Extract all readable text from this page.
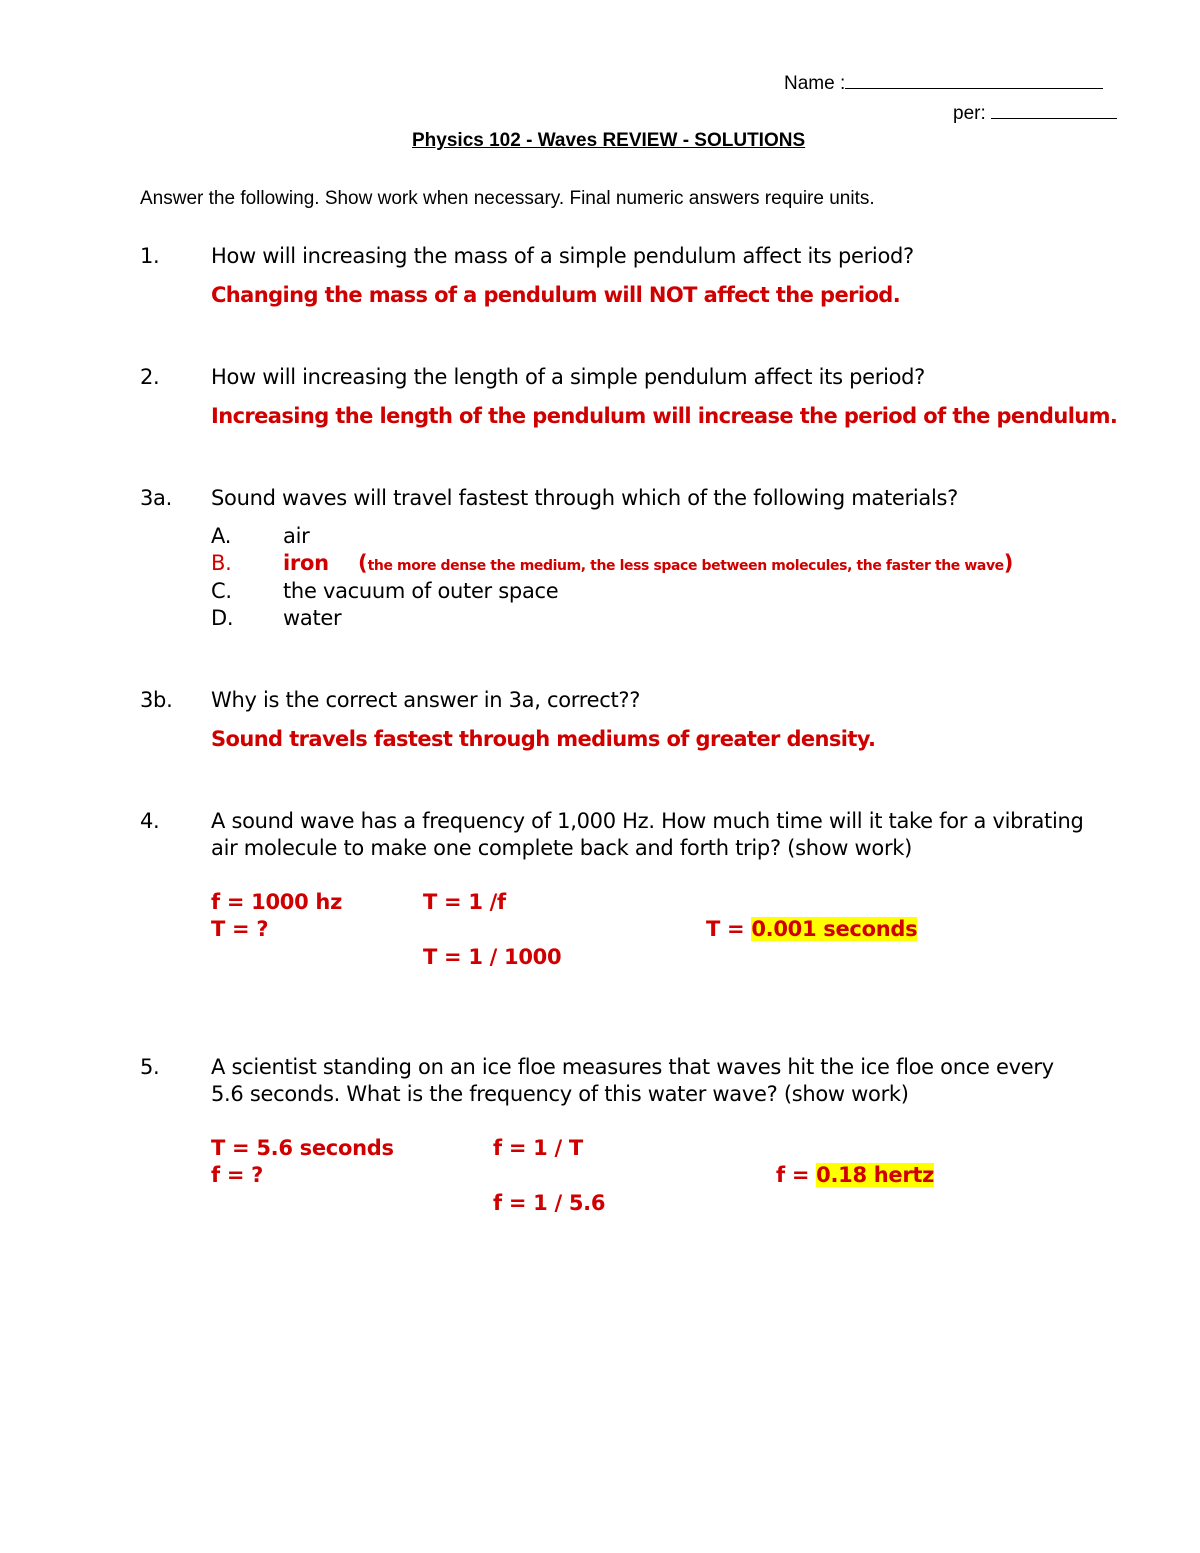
Name :
per:
Physics 102 - Waves REVIEW - SOLUTIONS
Answer the following. Show work when necessary. Final numeric answers require units.
1. How will increasing the mass of a simple pendulum affect its period?
Changing the mass of a pendulum will NOT affect the period.
2. How will increasing the length of a simple pendulum affect its period?
Increasing the length of the pendulum will increase the period of the pendulum.
3a. Sound waves will travel fastest through which of the following materials?
A. air
B. iron (the more dense the medium, the less space between molecules, the faster the wave)
C. the vacuum of outer space
D. water
3b. Why is the correct answer in 3a, correct??
Sound travels fastest through mediums of greater density.
4. A sound wave has a frequency of 1,000 Hz. How much time will it take for a vibrating
air molecule to make one complete back and forth trip? (show work)
f = 1000 hz
T = ?
T = 1 /f
T = 1 / 1000
T = 0.001 seconds
5. A scientist standing on an ice floe measures that waves hit the ice floe once every
5.6 seconds. What is the frequency of this water wave? (show work)
T = 5.6 seconds
f = ?
f = 1 / T
f = 1 / 5.6
f = 0.18 hertz
